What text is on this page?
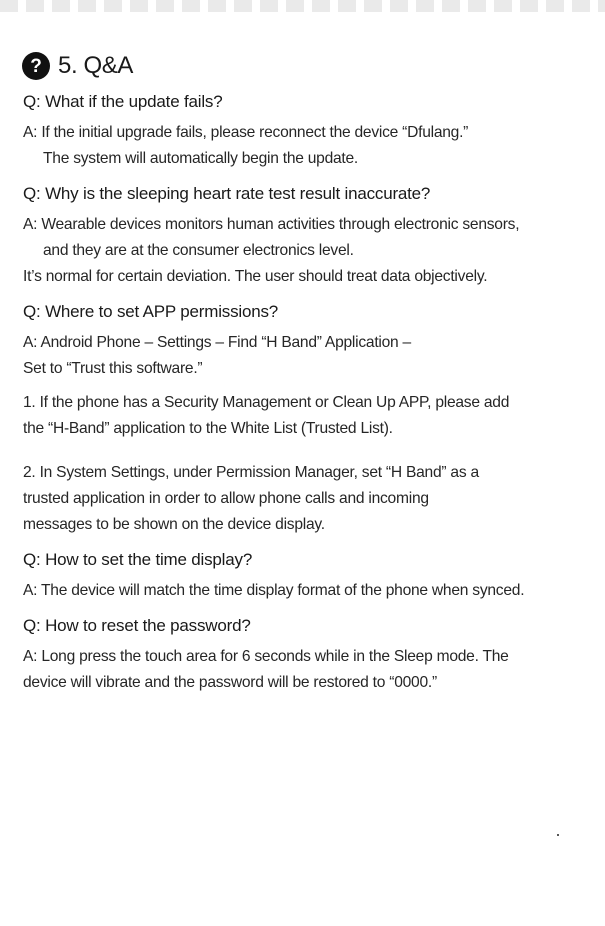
? 5. Q&A
Q: What if the update fails?
A: If the initial upgrade fails, please reconnect the device “Dfulang.”
The system will automatically begin the update.
Q: Why is the sleeping heart rate test result inaccurate?
A: Wearable devices monitors human activities through electronic sensors,
and they are at the consumer electronics level.
It’s normal for certain deviation. The user should treat data objectively.
Q: Where to set APP permissions?
A: Android Phone – Settings – Find “H Band” Application –
Set to “Trust this software.”
1. If the phone has a Security Management or Clean Up APP, please add
the “H-Band” application to the White List (Trusted List).
2. In System Settings, under Permission Manager, set “H Band” as a
trusted application in order to allow phone calls and incoming
messages to be shown on the device display.
Q: How to set the time display?
A: The device will match the time display format of the phone when synced.
Q: How to reset the password?
A: Long press the touch area for 6 seconds while in the Sleep mode. The
device will vibrate and the password will be restored to “0000.”
